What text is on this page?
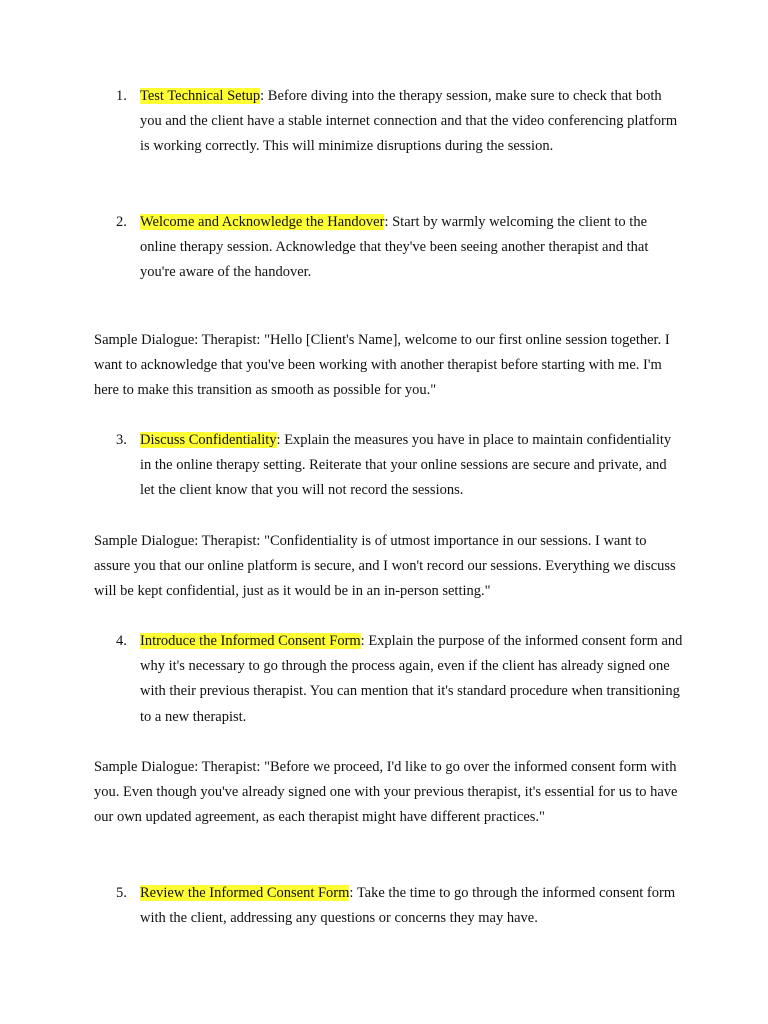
1. Test Technical Setup: Before diving into the therapy session, make sure to check that both you and the client have a stable internet connection and that the video conferencing platform is working correctly. This will minimize disruptions during the session.
2. Welcome and Acknowledge the Handover: Start by warmly welcoming the client to the online therapy session. Acknowledge that they've been seeing another therapist and that you're aware of the handover.
Sample Dialogue: Therapist: "Hello [Client's Name], welcome to our first online session together. I want to acknowledge that you've been working with another therapist before starting with me. I'm here to make this transition as smooth as possible for you."
3. Discuss Confidentiality: Explain the measures you have in place to maintain confidentiality in the online therapy setting. Reiterate that your online sessions are secure and private, and let the client know that you will not record the sessions.
Sample Dialogue: Therapist: "Confidentiality is of utmost importance in our sessions. I want to assure you that our online platform is secure, and I won't record our sessions. Everything we discuss will be kept confidential, just as it would be in an in-person setting."
4. Introduce the Informed Consent Form: Explain the purpose of the informed consent form and why it's necessary to go through the process again, even if the client has already signed one with their previous therapist. You can mention that it's standard procedure when transitioning to a new therapist.
Sample Dialogue: Therapist: "Before we proceed, I'd like to go over the informed consent form with you. Even though you've already signed one with your previous therapist, it's essential for us to have our own updated agreement, as each therapist might have different practices."
5. Review the Informed Consent Form: Take the time to go through the informed consent form with the client, addressing any questions or concerns they may have.
